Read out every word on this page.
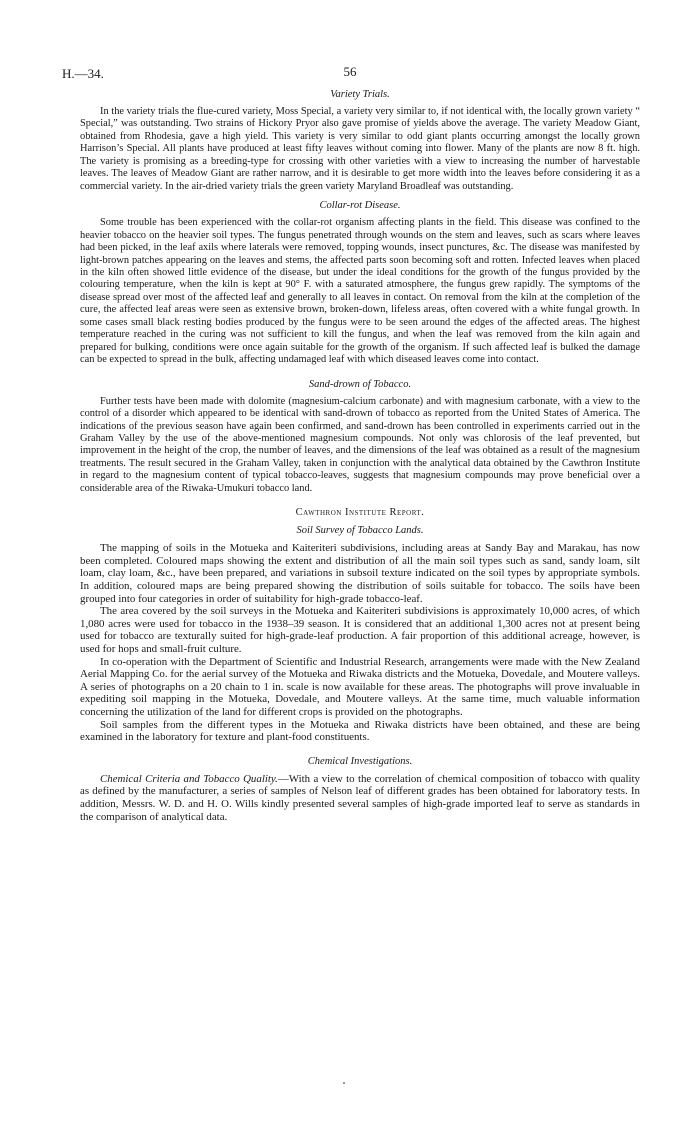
H.—34.	56
Variety Trials.

In the variety trials the flue-cured variety, Moss Special, a variety very similar to, if not identical with, the locally grown variety “ Special,” was outstanding. Two strains of Hickory Pryor also gave promise of yields above the average. The variety Meadow Giant, obtained from Rhodesia, gave a high yield. This variety is very similar to odd giant plants occurring amongst the locally grown Harrison’s Special. All plants have produced at least fifty leaves without coming into flower. Many of the plants are now 8 ft. high. The variety is promising as a breeding-type for crossing with other varieties with a view to increasing the number of harvestable leaves. The leaves of Meadow Giant are rather narrow, and it is desirable to get more width into the leaves before considering it as a commercial variety. In the air-dried variety trials the green variety Maryland Broadleaf was outstanding.

Collar-rot Disease.

Some trouble has been experienced with the collar-rot organism affecting plants in the field. This disease was confined to the heavier tobacco on the heavier soil types. The fungus penetrated through wounds on the stem and leaves, such as scars where leaves had been picked, in the leaf axils where laterals were removed, topping wounds, insect punctures, &c. The disease was manifested by light-brown patches appearing on the leaves and stems, the affected parts soon becoming soft and rotten. Infected leaves when placed in the kiln often showed little evidence of the disease, but under the ideal conditions for the growth of the fungus provided by the colouring temperature, when the kiln is kept at 90° F. with a saturated atmosphere, the fungus grew rapidly. The symptoms of the disease spread over most of the affected leaf and generally to all leaves in contact. On removal from the kiln at the completion of the cure, the affected leaf areas were seen as extensive brown, broken-down, lifeless areas, often covered with a white fungal growth. In some cases small black resting bodies produced by the fungus were to be seen around the edges of the affected areas. The highest temperature reached in the curing was not sufficient to kill the fungus, and when the leaf was removed from the kiln again and prepared for bulking, conditions were once again suitable for the growth of the organism. If such affected leaf is bulked the damage can be expected to spread in the bulk, affecting undamaged leaf with which diseased leaves come into contact.

Sand-drown of Tobacco.

Further tests have been made with dolomite (magnesium-calcium carbonate) and with magnesium carbonate, with a view to the control of a disorder which appeared to be identical with sand-drown of tobacco as reported from the United States of America. The indications of the previous season have again been confirmed, and sand-drown has been controlled in experiments carried out in the Graham Valley by the use of the above-mentioned magnesium compounds. Not only was chlorosis of the leaf prevented, but improvement in the height of the crop, the number of leaves, and the dimensions of the leaf was obtained as a result of the magnesium treatments. The result secured in the Graham Valley, taken in conjunction with the analytical data obtained by the Cawthron Institute in regard to the magnesium content of typical tobacco-leaves, suggests that magnesium compounds may prove beneficial over a considerable area of the Riwaka-Umukuri tobacco land.

Cawthron Institute Report.
Soil Survey of Tobacco Lands.

The mapping of soils in the Motueka and Kaiteriteri subdivisions, including areas at Sandy Bay and Marakau, has now been completed. Coloured maps showing the extent and distribution of all the main soil types such as sand, sandy loam, silt loam, clay loam, &c., have been prepared, and variations in subsoil texture indicated on the soil types by appropriate symbols. In addition, coloured maps are being prepared showing the distribution of soils suitable for tobacco. The soils have been grouped into four categories in order of suitability for high-grade tobacco-leaf.

The area covered by the soil surveys in the Motueka and Kaiteriteri subdivisions is approximately 10,000 acres, of which 1,080 acres were used for tobacco in the 1938–39 season. It is considered that an additional 1,300 acres not at present being used for tobacco are texturally suited for high-grade-leaf production. A fair proportion of this additional acreage, however, is used for hops and small-fruit culture.

In co-operation with the Department of Scientific and Industrial Research, arrangements were made with the New Zealand Aerial Mapping Co. for the aerial survey of the Motueka and Riwaka districts and the Motueka, Dovedale, and Moutere valleys. A series of photographs on a 20 chain to 1 in. scale is now available for these areas. The photographs will prove invaluable in expediting soil mapping in the Motueka, Dovedale, and Moutere valleys. At the same time, much valuable information concerning the utilization of the land for different crops is provided on the photographs.

Soil samples from the different types in the Motueka and Riwaka districts have been obtained, and these are being examined in the laboratory for texture and plant-food constituents.

Chemical Investigations.

Chemical Criteria and Tobacco Quality.—With a view to the correlation of chemical composition of tobacco with quality as defined by the manufacturer, a series of samples of Nelson leaf of different grades has been obtained for laboratory tests. In addition, Messrs. W. D. and H. O. Wills kindly presented several samples of high-grade imported leaf to serve as standards in the comparison of analytical data.
